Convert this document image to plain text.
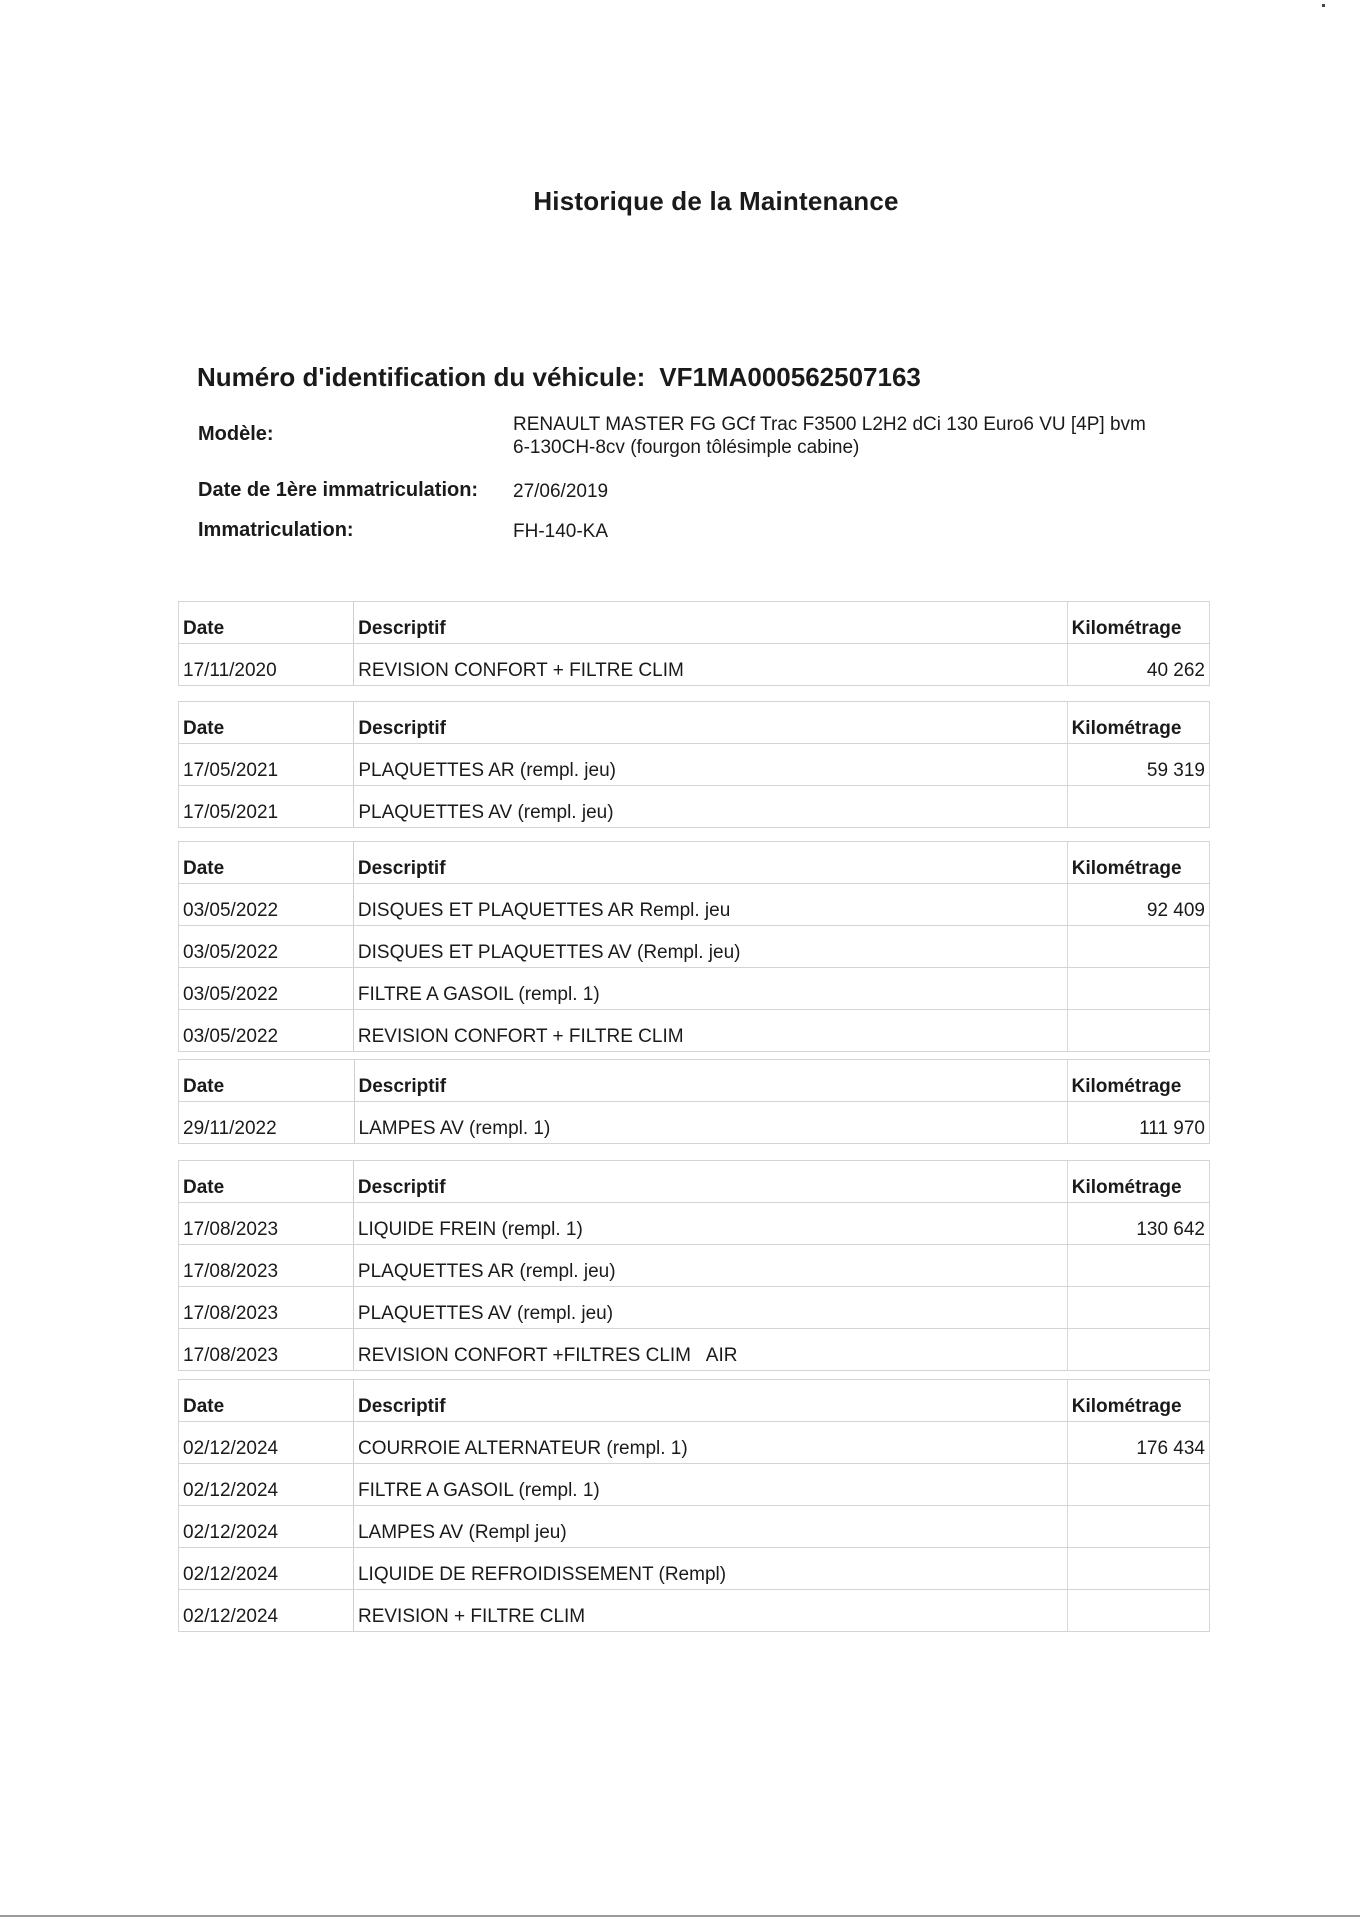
Historique de la Maintenance
Numéro d'identification du véhicule: VF1MA000562507163
Modèle:	RENAULT MASTER FG GCf Trac F3500 L2H2 dCi 130 Euro6 VU [4P] bvm
6-130CH-8cv (fourgon tôlésimple cabine)
Date de 1ère immatriculation: 27/06/2019
Immatriculation:	FH-140-KA
Date	Descriptif	Kilométrage
17/11/2020	REVISION CONFORT + FILTRE CLIM	40 262
Date	Descriptif	Kilométrage
17/05/2021	PLAQUETTES AR (rempl. jeu)	59 319
17/05/2021	PLAQUETTES AV (rempl. jeu)	
Date	Descriptif	Kilométrage
03/05/2022	DISQUES ET PLAQUETTES AR Rempl. jeu	92 409
03/05/2022	DISQUES ET PLAQUETTES AV (Rempl. jeu)	
03/05/2022	FILTRE A GASOIL (rempl. 1)	
03/05/2022	REVISION CONFORT + FILTRE CLIM	
Date	Descriptif	Kilométrage
29/11/2022	LAMPES AV (rempl. 1)	111 970
Date	Descriptif	Kilométrage
17/08/2023	LIQUIDE FREIN (rempl. 1)	130 642
17/08/2023	PLAQUETTES AR (rempl. jeu)	
17/08/2023	PLAQUETTES AV (rempl. jeu)	
17/08/2023	REVISION CONFORT +FILTRES CLIM   AIR	
Date	Descriptif	Kilométrage
02/12/2024	COURROIE ALTERNATEUR (rempl. 1)	176 434
02/12/2024	FILTRE A GASOIL (rempl. 1)	
02/12/2024	LAMPES AV (Rempl jeu)	
02/12/2024	LIQUIDE DE REFROIDISSEMENT (Rempl)	
02/12/2024	REVISION + FILTRE CLIM	
